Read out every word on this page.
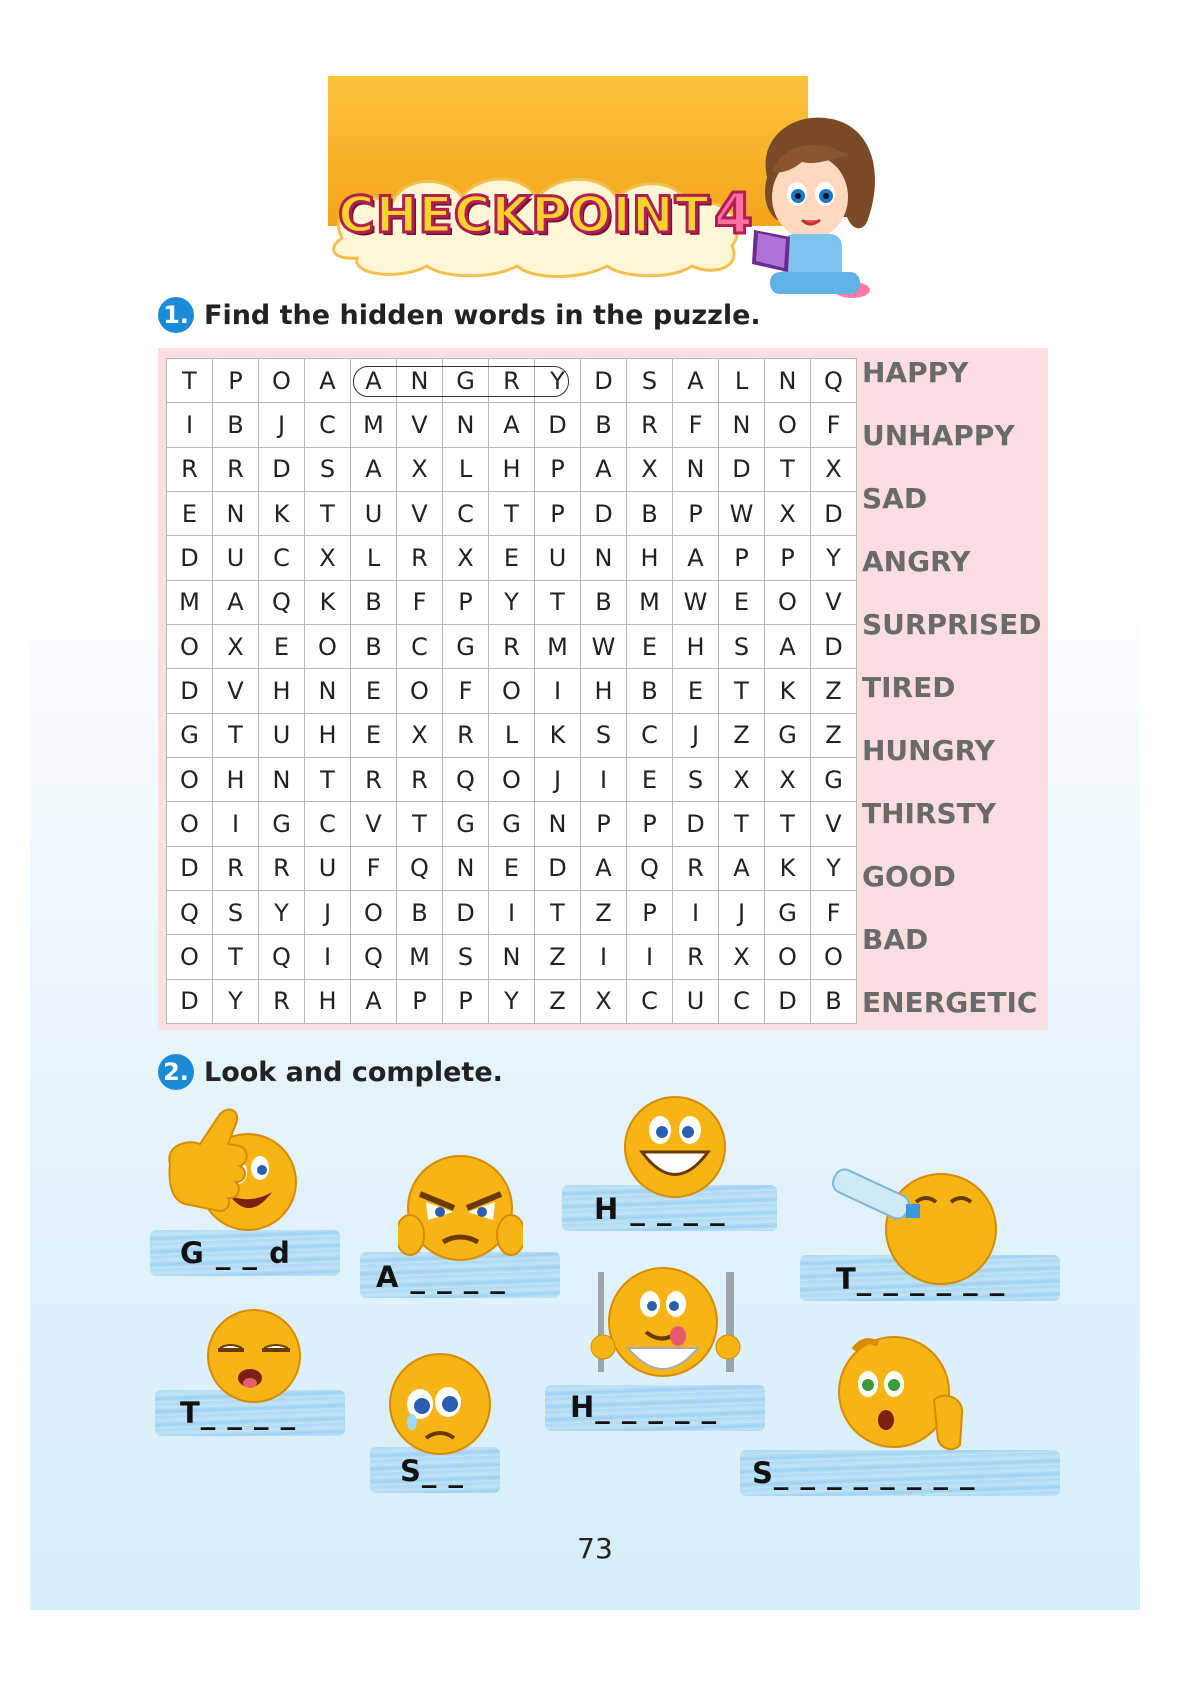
CHECKPOINT 4
1. Find the hidden words in the puzzle.
T	P	O	A	A	N	G	R	Y	D	S	A	L	N	Q
I	B	J	C	M	V	N	A	D	B	R	F	N	O	F
R	R	D	S	A	X	L	H	P	A	X	N	D	T	X
E	N	K	T	U	V	C	T	P	D	B	P	W	X	D
D	U	C	X	L	R	X	E	U	N	H	A	P	P	Y
M	A	Q	K	B	F	P	Y	T	B	M	W	E	O	V
O	X	E	O	B	C	G	R	M	W	E	H	S	A	D
D	V	H	N	E	O	F	O	I	H	B	E	T	K	Z
G	T	U	H	E	X	R	L	K	S	C	J	Z	G	Z
O	H	N	T	R	R	Q	O	J	I	E	S	X	X	G
O	I	G	C	V	T	G	G	N	P	P	D	T	T	V
D	R	R	U	F	Q	N	E	D	A	Q	R	A	K	Y
Q	S	Y	J	O	B	D	I	T	Z	P	I	J	G	F
O	T	Q	I	Q	M	S	N	Z	I	I	R	X	O	O
D	Y	R	H	A	P	P	Y	Z	X	C	U	C	D	B
HAPPY
UNHAPPY
SAD
ANGRY
SURPRISED
TIRED
HUNGRY
THIRSTY
GOOD
BAD
ENERGETIC
2. Look and complete.
G _ _ d
A _ _ _ _
H _ _ _ _
T_ _ _ _ _ _
T_ _ _ _
S_ _
H_ _ _ _ _
S_ _ _ _ _ _ _ _
73
